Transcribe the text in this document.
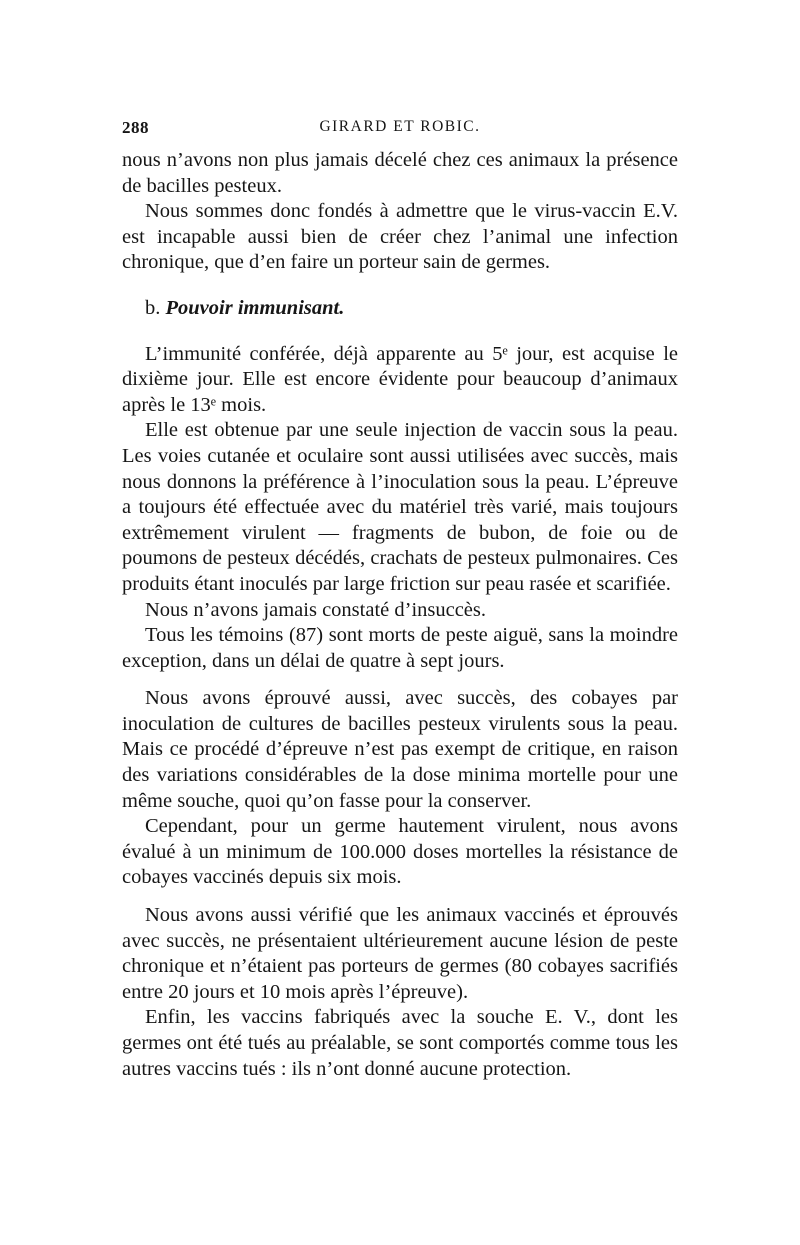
288	GIRARD ET ROBIC.

nous n’avons non plus jamais décelé chez ces animaux la présence de bacilles pesteux.

Nous sommes donc fondés à admettre que le virus-vaccin E.V. est incapable aussi bien de créer chez l’animal une infection chronique, que d’en faire un porteur sain de germes.

b. Pouvoir immunisant.

L’immunité conférée, déjà apparente au 5ᵉ jour, est acquise le dixième jour. Elle est encore évidente pour beaucoup d’animaux après le 13ᵉ mois.

Elle est obtenue par une seule injection de vaccin sous la peau. Les voies cutanée et oculaire sont aussi utilisées avec succès, mais nous donnons la préférence à l’inoculation sous la peau. L’épreuve a toujours été effectuée avec du matériel très varié, mais toujours extrêmement virulent — fragments de bubon, de foie ou de poumons de pesteux décédés, crachats de pesteux pulmonaires. Ces produits étant inoculés par large friction sur peau rasée et scarifiée.

Nous n’avons jamais constaté d’insuccès.

Tous les témoins (87) sont morts de peste aiguë, sans la moindre exception, dans un délai de quatre à sept jours.

Nous avons éprouvé aussi, avec succès, des cobayes par inoculation de cultures de bacilles pesteux virulents sous la peau. Mais ce procédé d’épreuve n’est pas exempt de critique, en raison des variations considérables de la dose minima mortelle pour une même souche, quoi qu’on fasse pour la conserver.

Cependant, pour un germe hautement virulent, nous avons évalué à un minimum de 100.000 doses mortelles la résistance de cobayes vaccinés depuis six mois.

Nous avons aussi vérifié que les animaux vaccinés et éprouvés avec succès, ne présentaient ultérieurement aucune lésion de peste chronique et n’étaient pas porteurs de germes (80 cobayes sacrifiés entre 20 jours et 10 mois après l’épreuve).

Enfin, les vaccins fabriqués avec la souche E. V., dont les germes ont été tués au préalable, se sont comportés comme tous les autres vaccins tués : ils n’ont donné aucune protection.
